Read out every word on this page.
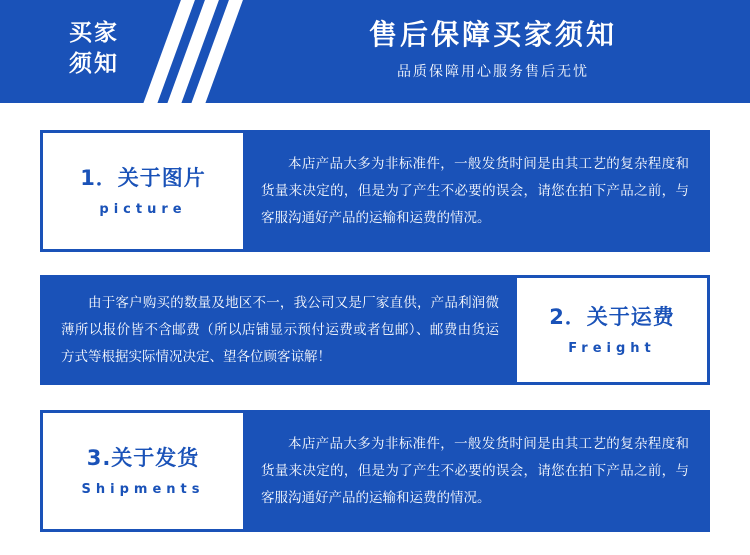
买家
须知
售后保障买家须知
品质保障用心服务售后无忧
1．关于图片
picture

本店产品大多为非标准件，一般发货时间是由其工艺的复杂程度和货量来决定的，但是为了产生不必要的误会，请您在拍下产品之前，与客服沟通好产品的运输和运费的情况。

由于客户购买的数量及地区不一，我公司又是厂家直供，产品利润微薄所以报价皆不含邮费（所以店铺显示预付运费或者包邮）、邮费由货运方式等根据实际情况决定、望各位顾客谅解！

2．关于运费
Freight
3.关于发货
Shipments

本店产品大多为非标准件，一般发货时间是由其工艺的复杂程度和货量来决定的，但是为了产生不必要的误会，请您在拍下产品之前，与客服沟通好产品的运输和运费的情况。
